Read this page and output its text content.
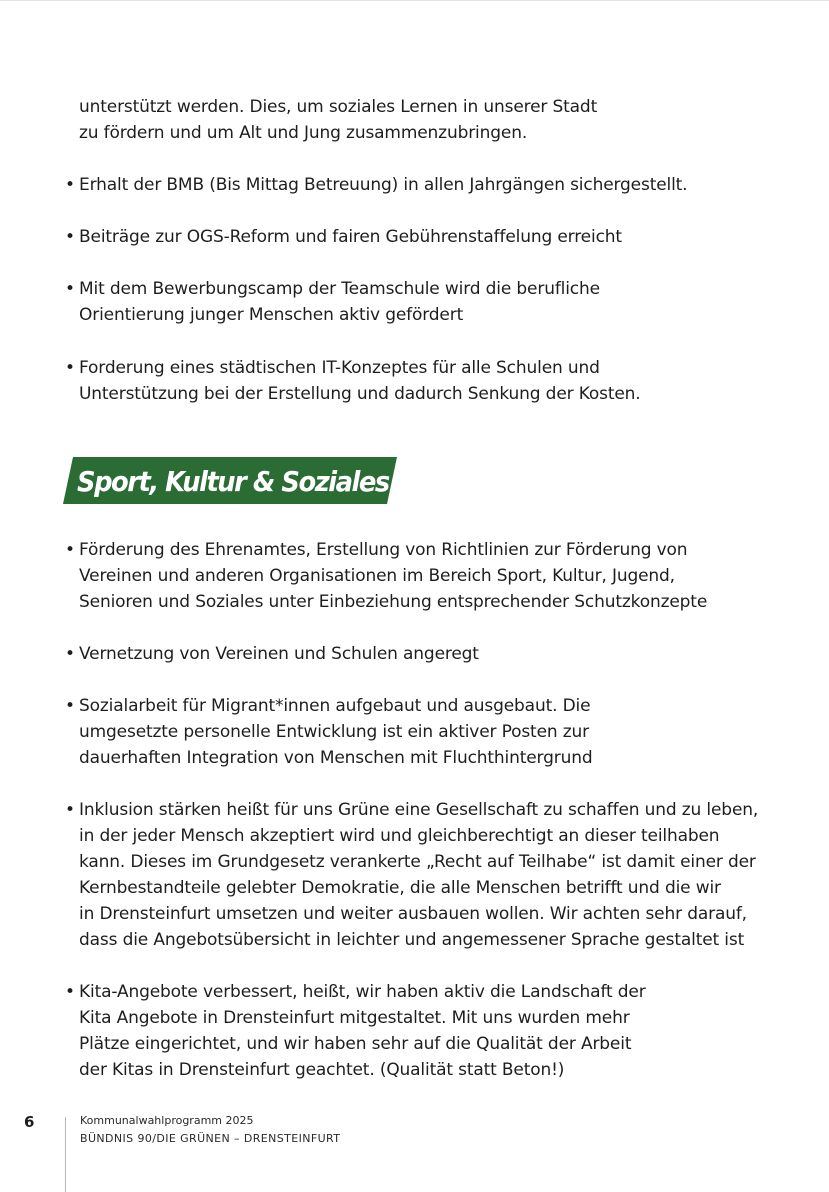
unterstützt werden. Dies, um soziales Lernen in unserer Stadt
zu fördern und um Alt und Jung zusammenzubringen.
• Erhalt der BMB (Bis Mittag Betreuung) in allen Jahrgängen sichergestellt.
• Beiträge zur OGS-Reform und fairen Gebührenstaffelung erreicht
• Mit dem Bewerbungscamp der Teamschule wird die berufliche
Orientierung junger Menschen aktiv gefördert
• Forderung eines städtischen IT-Konzeptes für alle Schulen und
Unterstützung bei der Erstellung und dadurch Senkung der Kosten.
Sport, Kultur & Soziales
• Förderung des Ehrenamtes, Erstellung von Richtlinien zur Förderung von
Vereinen und anderen Organisationen im Bereich Sport, Kultur, Jugend,
Senioren und Soziales unter Einbeziehung entsprechender Schutzkonzepte
• Vernetzung von Vereinen und Schulen angeregt
• Sozialarbeit für Migrant*innen aufgebaut und ausgebaut. Die
umgesetzte personelle Entwicklung ist ein aktiver Posten zur
dauerhaften Integration von Menschen mit Fluchthintergrund
• Inklusion stärken heißt für uns Grüne eine Gesellschaft zu schaffen und zu leben,
in der jeder Mensch akzeptiert wird und gleichberechtigt an dieser teilhaben
kann. Dieses im Grundgesetz verankerte „Recht auf Teilhabe“ ist damit einer der
Kernbestandteile gelebter Demokratie, die alle Menschen betrifft und die wir
in Drensteinfurt umsetzen und weiter ausbauen wollen. Wir achten sehr darauf,
dass die Angebotsübersicht in leichter und angemessener Sprache gestaltet ist
• Kita-Angebote verbessert, heißt, wir haben aktiv die Landschaft der
Kita Angebote in Drensteinfurt mitgestaltet. Mit uns wurden mehr
Plätze eingerichtet, und wir haben sehr auf die Qualität der Arbeit
der Kitas in Drensteinfurt geachtet. (Qualität statt Beton!)
6	Kommunalwahlprogramm 2025
BÜNDNIS 90/DIE GRÜNEN – DRENSTEINFURT
